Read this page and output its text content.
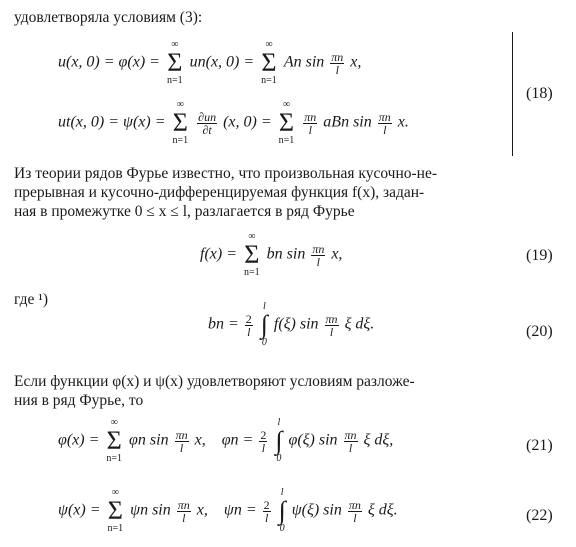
удовлетворяла условиям (3):
u(x, 0) = φ(x) =
∞
Σ
n=1
un(x, 0) =
∞
Σ
n=1
An $\sin \frac{\pi n}{l} x$,
ut(x, 0) = ψ(x) =
∞
Σ
n=1

$\frac{\partial un}{\partial t} (x$, 0) =
∞
Σ
n=1

$\frac{\pi n}{l}$ aBn $\sin \frac{\pi n}{l} x$.
(18)
Из теории рядов Фурье известно, что произвольная кусочно-не-
прерывная и кусочно-дифференцируемая функция f(x), задан-
ная в промежутке 0 ≤ x ≤ l, разлагается в ряд Фурье
f(x) =
∞
Σ
n=1
bn $\sin \frac{\pi n}{l} x$,	(19)
где ¹)
bn = $\frac{2}{l}$

l
∫
0
f(ξ) $\sin \frac{\pi n}{l}$ ξ dξ.	(20)
Если функции φ(x) и ψ(x) удовлетворяют условиям разложе-
ния в ряд Фурье, то
φ(x) =
∞
Σ
n=1
φn $\sin \frac{\pi n}{l} x$, $\varphi n = \frac{2}{l}$

l
∫
0
φ(ξ) $\sin \frac{\pi n}{l}$ ξ dξ,	(21)
ψ(x) =
∞
Σ
n=1
ψn $\sin \frac{\pi n}{l} x$, $\psi n = \frac{2}{l}$

l
∫
0
ψ(ξ) $\sin \frac{\pi n}{l}$ ξ dξ.	(22)
